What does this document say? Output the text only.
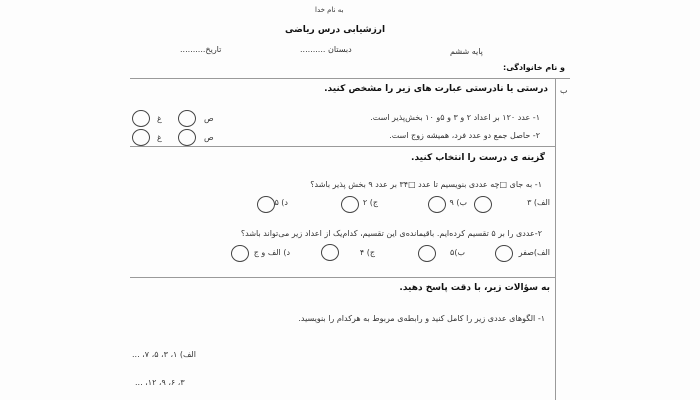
به نام خدا
ارزشیابی درس ریاضی
پایه ششم
دبستان ..........
تاریخ..........
و نام خانوادگی:
ب
درستی یا نادرستی عبارت های زیر را مشخص کنید.
۱- عدد ۱۲۰ بر اعداد ۲ و ۳ و ۵و ۱۰ بخش‌پذیر است.
۲- حاصل جمع دو عدد فرد، همیشه زوج است.
ص
غ
ص
غ
گزینه ی درست را انتخاب کنید.
۱- به جای □چه عددی بنویسیم تا عدد □۳۴ بر عدد ۹ بخش پذیر باشد؟
الف) ۳
ب) ۹
ج) ۲
د) ۵
۲-عددی را بر ۵ تقسیم کرده‌ایم. باقیمانده‌ی این تقسیم، کدام‌یک از اعداد زیر می‌تواند باشد؟
الف)صفر
ب)۵
ج) ۴
د) الف و ج
به سؤالات زیر، با دقت پاسخ دهید.
۱- الگوهای عددی زیر را کامل کنید و رابطه‌ی مربوط به هرکدام را بنویسید.
الف) ۱، ۳، ۵، ۷، ...
۳، ۶، ۹، ۱۲، ...
